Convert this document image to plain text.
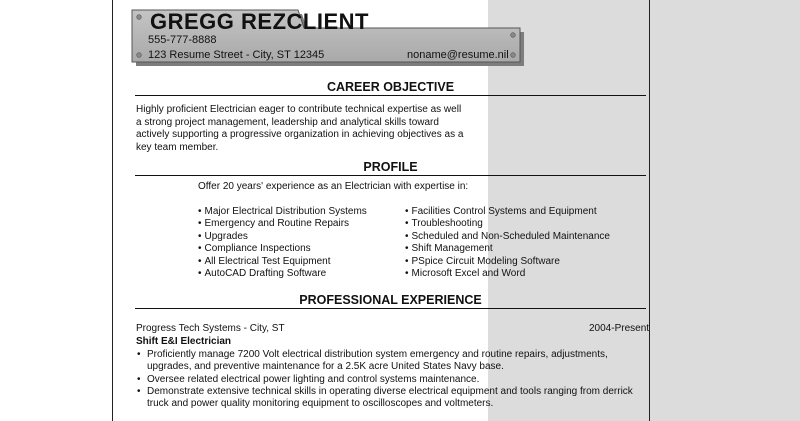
GREGG REZCLIENT
555-777-8888
123 Resume Street - City, ST 12345	noname@resume.nil
CAREER OBJECTIVE
Highly proficient Electrician eager to contribute technical expertise as well
a strong project management, leadership and analytical skills toward
actively supporting a progressive organization in achieving objectives as a
key team member.
PROFILE
Offer 20 years' experience as an Electrician with expertise in:
• Major Electrical Distribution Systems
• Emergency and Routine Repairs
• Upgrades
• Compliance Inspections
• All Electrical Test Equipment
• AutoCAD Drafting Software
• Facilities Control Systems and Equipment
• Troubleshooting
• Scheduled and Non-Scheduled Maintenance
• Shift Management
• PSpice Circuit Modeling Software
• Microsoft Excel and Word
PROFESSIONAL EXPERIENCE
Progress Tech Systems - City, ST	2004-Present
Shift E&I Electrician
• Proficiently manage 7200 Volt electrical distribution system emergency and routine repairs, adjustments, upgrades, and preventive maintenance for a 2.5K acre United States Navy base.
• Oversee related electrical power lighting and control systems maintenance.
• Demonstrate extensive technical skills in operating diverse electrical equipment and tools ranging from derrick truck and power quality monitoring equipment to oscilloscopes and voltmeters.
